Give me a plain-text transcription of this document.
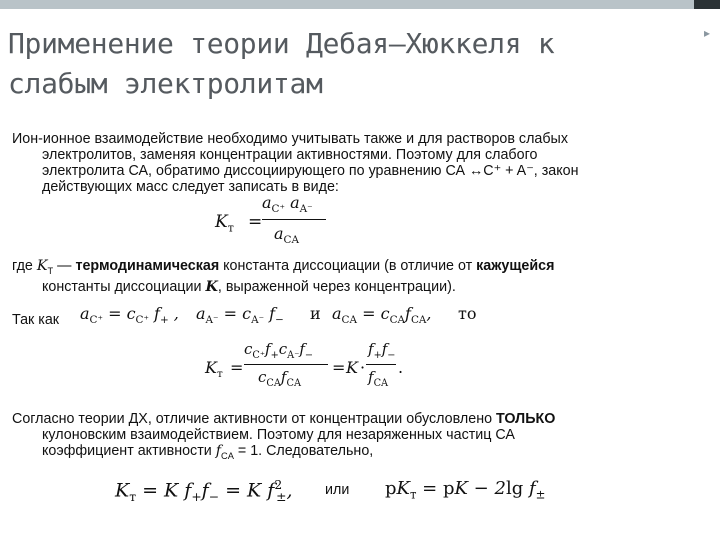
▸
Применение теории Дебая—Хюккеля к
слабым электролитам
Ион-ионное взаимодействие необходимо учитывать также и для растворов слабых
электролитов, заменяя концентрации активностями. Поэтому для слабого
электролита СА, обратимо диссоциирующего по уравнению СА ↔C⁺ + A⁻, закон
действующих масс следует записать в виде:
$K_т$ =
$a_{C^+}$ $a_{A^-}$
$a_{CA}$
где $K_Т$ — термодинамическая константа диссоциации (в отличие от кажущейся
константы диссоциации K, выраженной через концентрации).
Так как $a_{C^+} = c_{C^+}$ $f_+$ , $a_{A^-} = c_{A^-}$ $f_-$ и $a_{CA} = c_{CA}f_{CA}$, то
$K_т$ =
$c_{C^+}f_+c_{A^-}f_-$
$c_{CA}f_{CA}$
= K ·
$f_+f_-$
$f_{CA}$
.
Согласно теории ДХ, отличие активности от концентрации обусловлено ТОЛЬКО
кулоновским взаимодействием. Поэтому для незаряженных частиц СА
коэффициент активности $f_{CA} = 1$. Следовательно,
$K_т = K$ $f_+f_- = K$ $f^2_\pm$, или $pK_т$ = pK − 2lg $f_\pm$
